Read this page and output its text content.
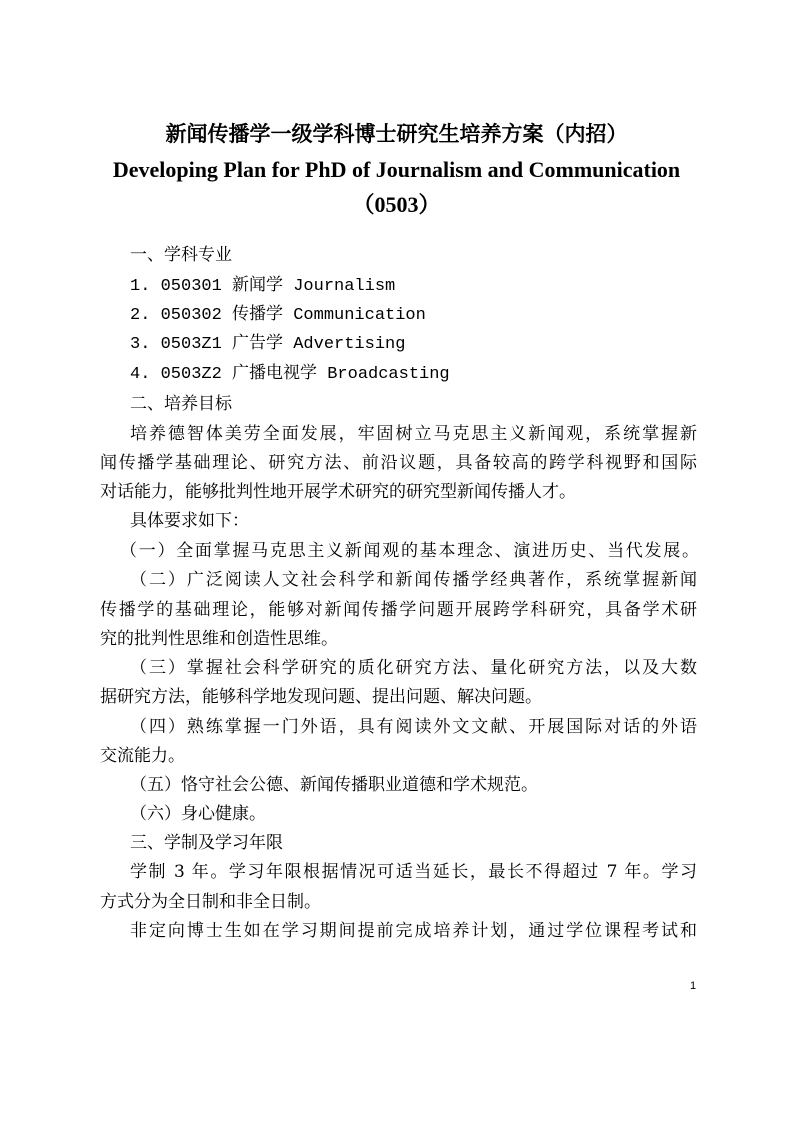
新闻传播学一级学科博士研究生培养方案（内招）
Developing Plan for PhD of Journalism and Communication
（0503）
一、学科专业
1. 050301 新闻学 Journalism
2. 050302 传播学 Communication
3. 0503Z1 广告学 Advertising
4. 0503Z2 广播电视学 Broadcasting
二、培养目标
培养德智体美劳全面发展，牢固树立马克思主义新闻观，系统掌握新
闻传播学基础理论、研究方法、前沿议题，具备较高的跨学科视野和国际
对话能力，能够批判性地开展学术研究的研究型新闻传播人才。
具体要求如下：
（一）全面掌握马克思主义新闻观的基本理念、演进历史、当代发展。
（二）广泛阅读人文社会科学和新闻传播学经典著作，系统掌握新闻
传播学的基础理论，能够对新闻传播学问题开展跨学科研究，具备学术研
究的批判性思维和创造性思维。
（三）掌握社会科学研究的质化研究方法、量化研究方法，以及大数
据研究方法，能够科学地发现问题、提出问题、解决问题。
（四）熟练掌握一门外语，具有阅读外文文献、开展国际对话的外语
交流能力。
（五）恪守社会公德、新闻传播职业道德和学术规范。
（六）身心健康。
三、学制及学习年限
学制 3 年。学习年限根据情况可适当延长，最长不得超过 7 年。学习
方式分为全日制和非全日制。
非定向博士生如在学习期间提前完成培养计划，通过学位课程考试和
1
